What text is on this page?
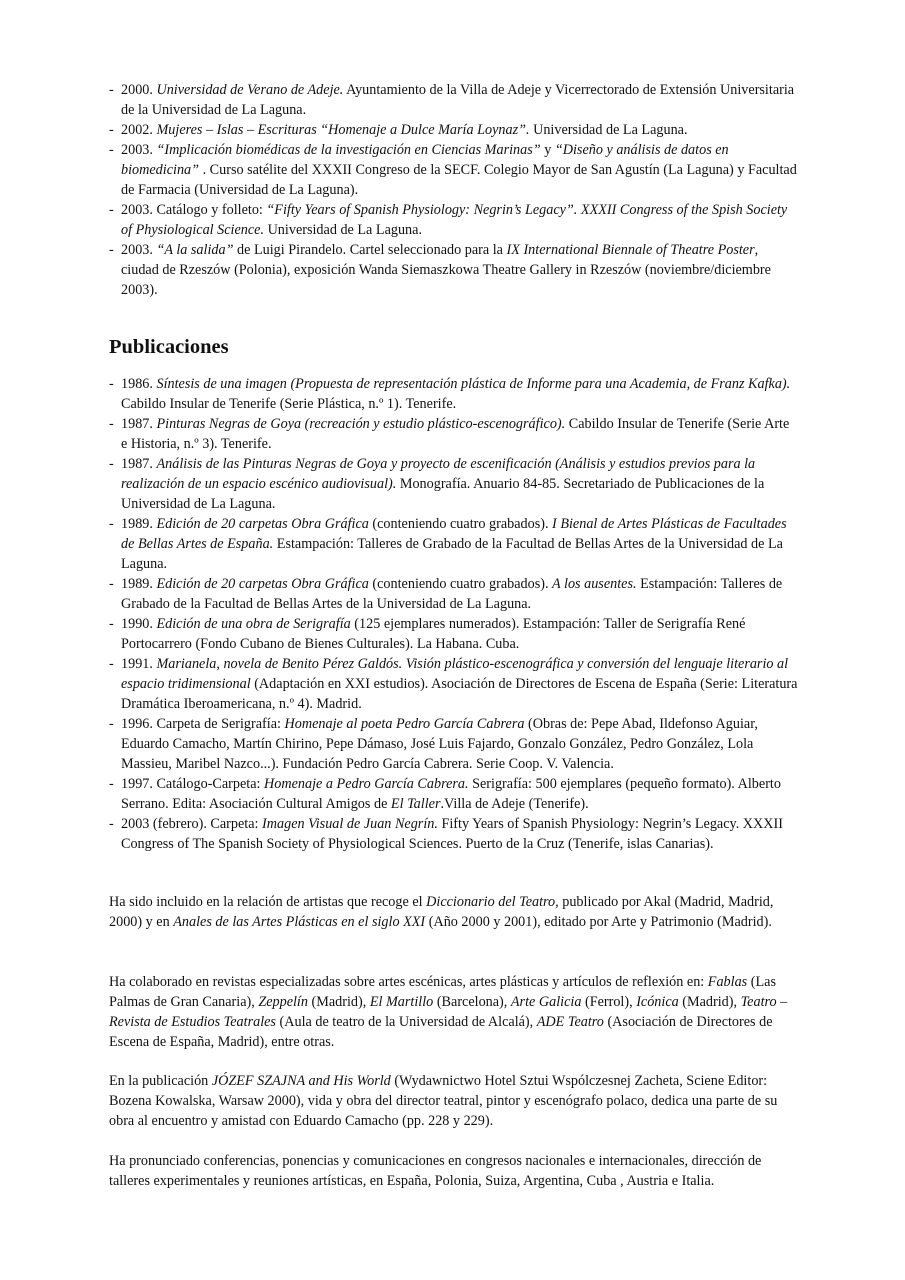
- 2000. Universidad de Verano de Adeje. Ayuntamiento de la Villa de Adeje y Vicerrectorado de Extensión Universitaria de la Universidad de La Laguna.
- 2002. Mujeres – Islas – Escrituras “Homenaje a Dulce María Loynaz”. Universidad de La Laguna.
- 2003. “Implicación biomédicas de la investigación en Ciencias Marinas” y “Diseño y análisis de datos en biomedicina” . Curso satélite del XXXII Congreso de la SECF. Colegio Mayor de San Agustín (La Laguna) y Facultad de Farmacia (Universidad de La Laguna).
- 2003. Catálogo y folleto: “Fifty Years of Spanish Physiology: Negrin’s Legacy”. XXXII Congress of the Spish Society of Physiological Science. Universidad de La Laguna.
- 2003. “A la salida” de Luigi Pirandelo. Cartel seleccionado para la IX International Biennale of Theatre Poster, ciudad de Rzeszów (Polonia), exposición Wanda Siemaszkowa Theatre Gallery in Rzeszów (noviembre/diciembre 2003).
Publicaciones
- 1986. Síntesis de una imagen (Propuesta de representación plástica de Informe para una Academia, de Franz Kafka). Cabildo Insular de Tenerife (Serie Plástica, n.º 1). Tenerife.
- 1987. Pinturas Negras de Goya (recreación y estudio plástico-escenográfico). Cabildo Insular de Tenerife (Serie Arte e Historia, n.º 3). Tenerife.
- 1987. Análisis de las Pinturas Negras de Goya y proyecto de escenificación (Análisis y estudios previos para la realización de un espacio escénico audiovisual). Monografía. Anuario 84-85. Secretariado de Publicaciones de la Universidad de La Laguna.
- 1989. Edición de 20 carpetas Obra Gráfica (conteniendo cuatro grabados). I Bienal de Artes Plásticas de Facultades de Bellas Artes de España. Estampación: Talleres de Grabado de la Facultad de Bellas Artes de la Universidad de La Laguna.
- 1989. Edición de 20 carpetas Obra Gráfica (conteniendo cuatro grabados). A los ausentes. Estampación: Talleres de Grabado de la Facultad de Bellas Artes de la Universidad de La Laguna.
- 1990. Edición de una obra de Serigrafía (125 ejemplares numerados). Estampación: Taller de Serigrafía René Portocarrero (Fondo Cubano de Bienes Culturales). La Habana. Cuba.
- 1991. Marianela, novela de Benito Pérez Galdós. Visión plástico-escenográfica y conversión del lenguaje literario al espacio tridimensional (Adaptación en XXI estudios). Asociación de Directores de Escena de España (Serie: Literatura Dramática Iberoamericana, n.º 4). Madrid.
- 1996. Carpeta de Serigrafía: Homenaje al poeta Pedro García Cabrera (Obras de: Pepe Abad, Ildefonso Aguiar, Eduardo Camacho, Martín Chirino, Pepe Dámaso, José Luis Fajardo, Gonzalo González, Pedro González, Lola Massieu, Maribel Nazco...). Fundación Pedro García Cabrera. Serie Coop. V. Valencia.
- 1997. Catálogo-Carpeta: Homenaje a Pedro García Cabrera. Serigrafía: 500 ejemplares (pequeño formato). Alberto Serrano. Edita: Asociación Cultural Amigos de El Taller.Villa de Adeje (Tenerife).
- 2003 (febrero). Carpeta: Imagen Visual de Juan Negrín. Fifty Years of Spanish Physiology: Negrin’s Legacy. XXXII Congress of The Spanish Society of Physiological Sciences. Puerto de la Cruz (Tenerife, islas Canarias).

Ha sido incluido en la relación de artistas que recoge el Diccionario del Teatro, publicado por Akal (Madrid, Madrid, 2000) y en Anales de las Artes Plásticas en el siglo XXI (Año 2000 y 2001), editado por Arte y Patrimonio (Madrid).

Ha colaborado en revistas especializadas sobre artes escénicas, artes plásticas y artículos de reflexión en: Fablas (Las Palmas de Gran Canaria), Zeppelín (Madrid), El Martillo (Barcelona), Arte Galicia (Ferrol), Icónica (Madrid), Teatro – Revista de Estudios Teatrales (Aula de teatro de la Universidad de Alcalá), ADE Teatro (Asociación de Directores de Escena de España, Madrid), entre otras.

En la publicación JÓZEF SZAJNA and His World (Wydawnictwo Hotel Sztui Wspólczesnej Zacheta, Sciene Editor: Bozena Kowalska, Warsaw 2000), vida y obra del director teatral, pintor y escenógrafo polaco, dedica una parte de su obra al encuentro y amistad con Eduardo Camacho (pp. 228 y 229).

Ha pronunciado conferencias, ponencias y comunicaciones en congresos nacionales e internacionales, dirección de talleres experimentales y reuniones artísticas, en España, Polonia, Suiza, Argentina, Cuba , Austria e Italia.
